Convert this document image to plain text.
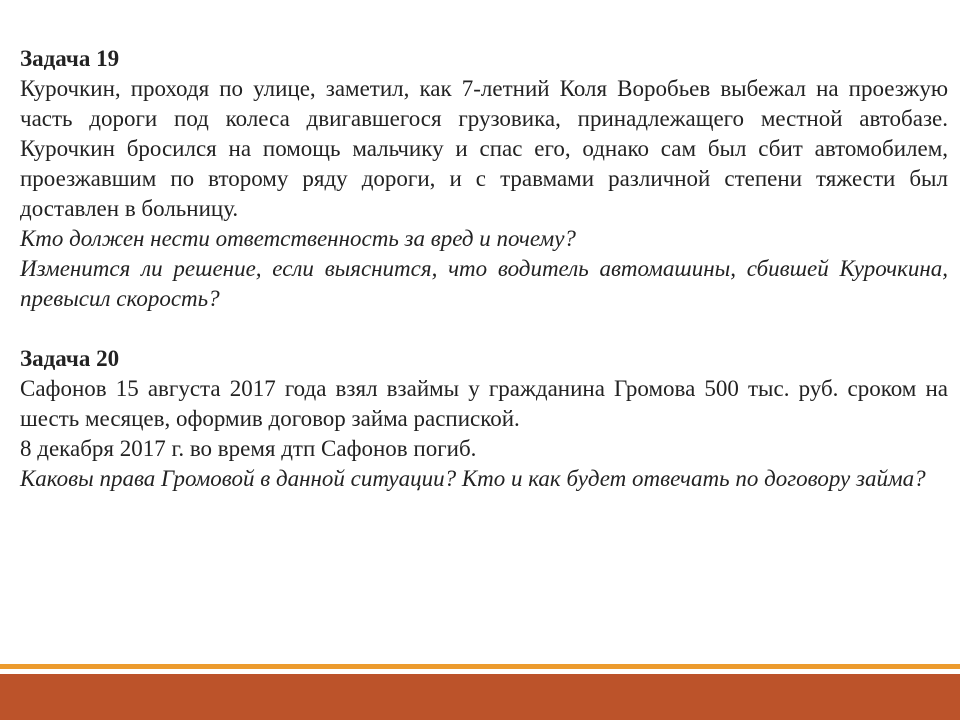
Задача 19

Курочкин, проходя по улице, заметил, как 7-летний Коля Воробьев выбежал на проезжую часть дороги под колеса двигавшегося грузовика, принадлежащего местной автобазе. Курочкин бросился на помощь мальчику и спас его, однако сам был сбит автомобилем, проезжавшим по второму ряду дороги, и с травмами различной степени тяжести был доставлен в больницу.

Кто должен нести ответственность за вред и почему?

Изменится ли решение, если выяснится, что водитель автомашины, сбившей Курочкина, превысил скорость?

Задача 20

Сафонов 15 августа 2017 года взял взаймы у гражданина Громова 500 тыс. руб. сроком на шесть месяцев, оформив договор займа распиской.

8 декабря 2017 г. во время дтп Сафонов погиб.

Каковы права Громовой в данной ситуации? Кто и как будет отвечать по договору займа?
